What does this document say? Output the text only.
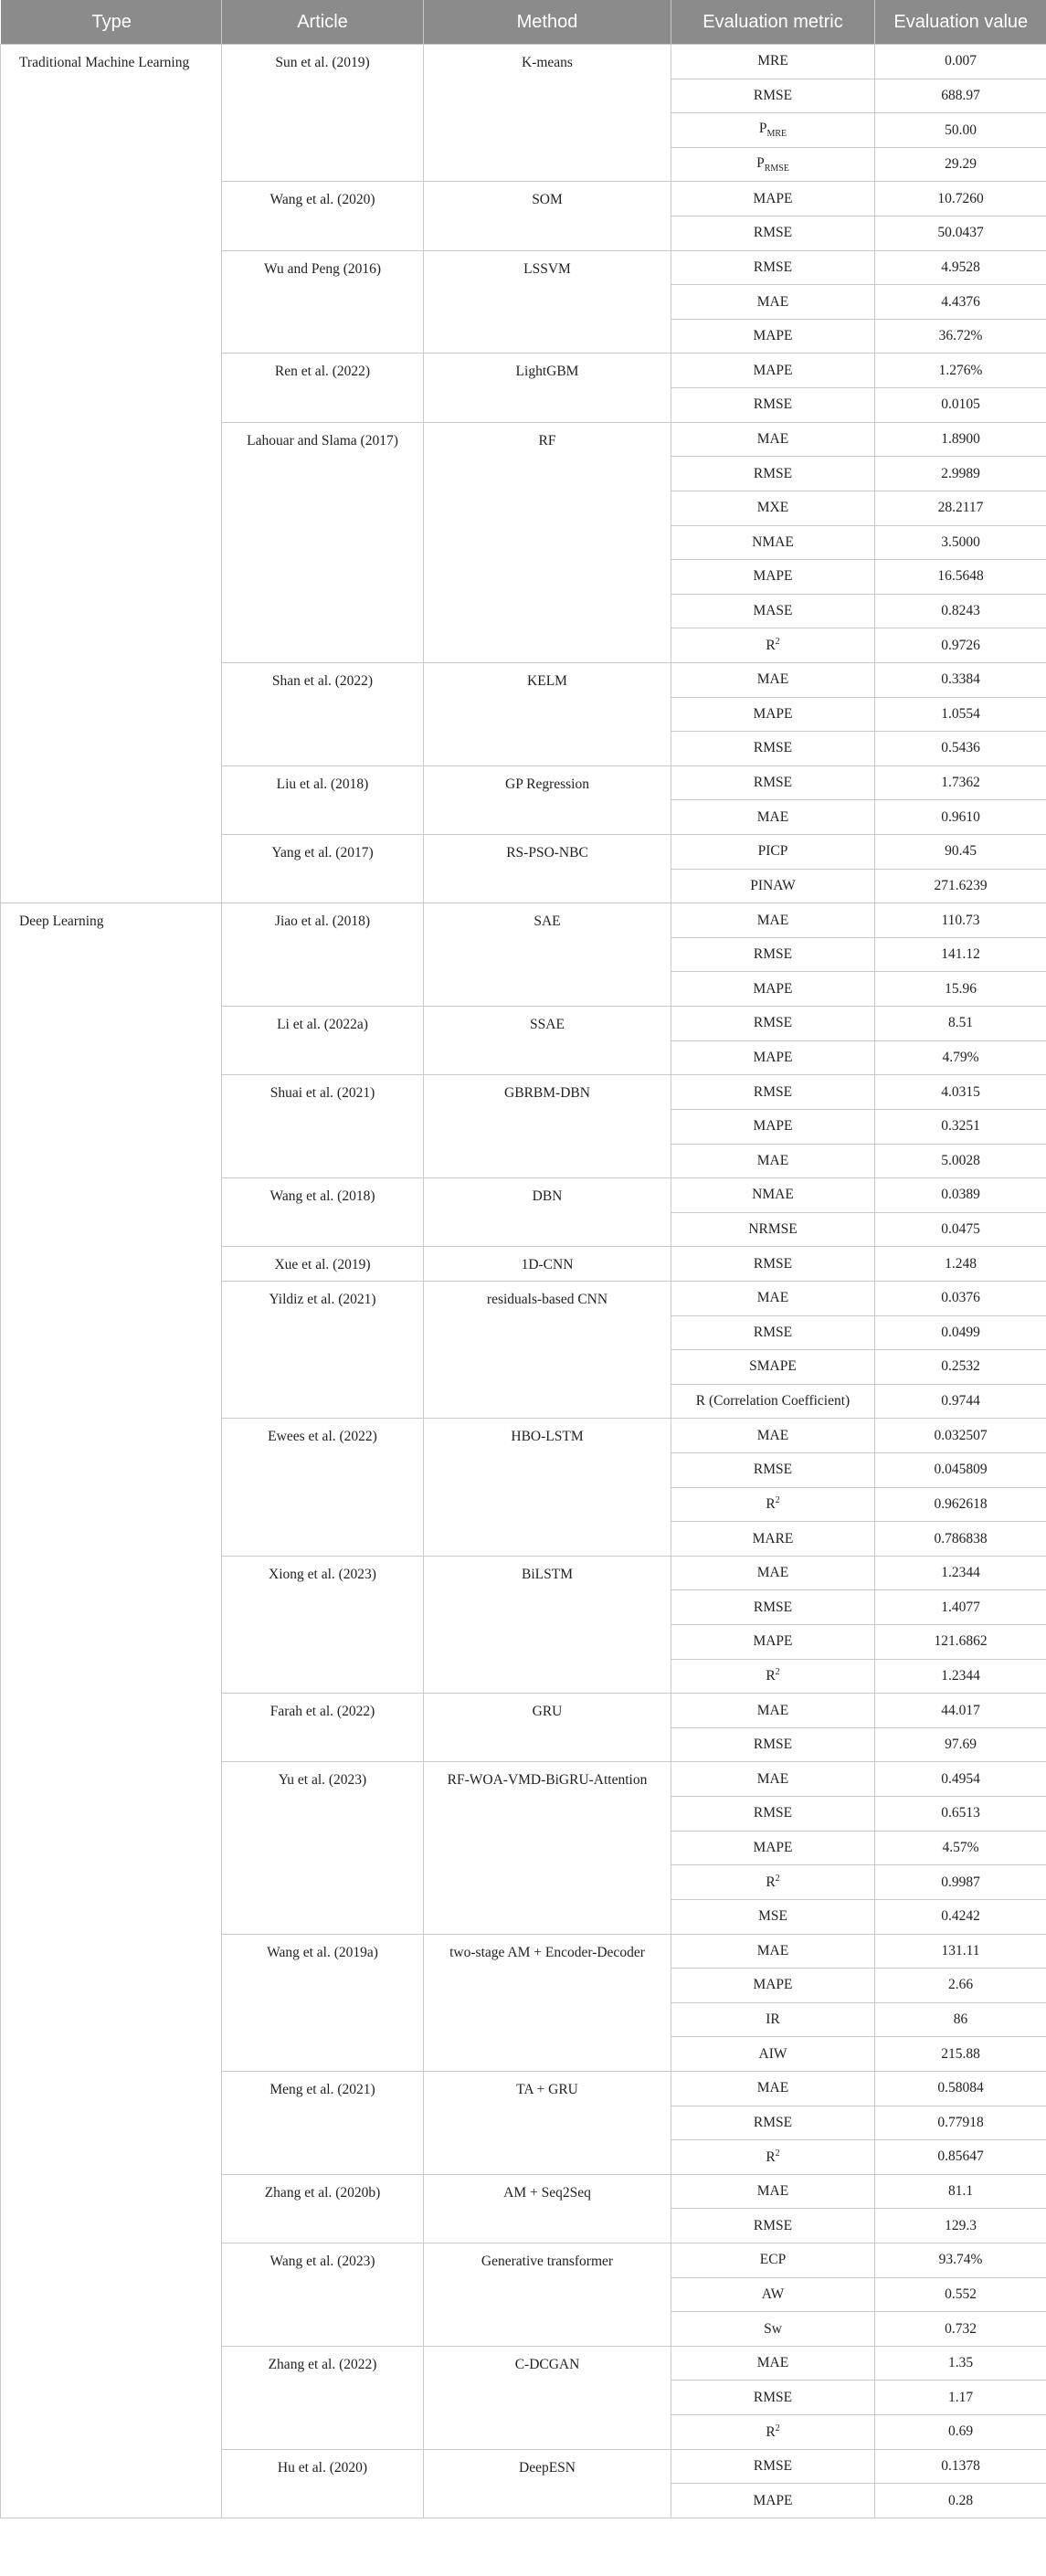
Type	Article	Method	Evaluation metric	Evaluation value
Traditional Machine Learning	Sun et al. (2019)	K-means	MRE	0.007
			RMSE	688.97
			$P_{MRE}$	50.00
			$P_{RMSE}$	29.29
	Wang et al. (2020)	SOM	MAPE	10.7260
			RMSE	50.0437
	Wu and Peng (2016)	LSSVM	RMSE	4.9528
			MAE	4.4376
			MAPE	36.72%
	Ren et al. (2022)	LightGBM	MAPE	1.276%
			RMSE	0.0105
	Lahouar and Slama (2017)	RF	MAE	1.8900
			RMSE	2.9989
			MXE	28.2117
			NMAE	3.5000
			MAPE	16.5648
			MASE	0.8243
			$R^2$	0.9726
	Shan et al. (2022)	KELM	MAE	0.3384
			MAPE	1.0554
			RMSE	0.5436
	Liu et al. (2018)	GP Regression	RMSE	1.7362
			MAE	0.9610
	Yang et al. (2017)	RS-PSO-NBC	PICP	90.45
			PINAW	271.6239
Deep Learning	Jiao et al. (2018)	SAE	MAE	110.73
			RMSE	141.12
			MAPE	15.96
	Li et al. (2022a)	SSAE	RMSE	8.51
			MAPE	4.79%
	Shuai et al. (2021)	GBRBM-DBN	RMSE	4.0315
			MAPE	0.3251
			MAE	5.0028
	Wang et al. (2018)	DBN	NMAE	0.0389
			NRMSE	0.0475
	Xue et al. (2019)	1D-CNN	RMSE	1.248
	Yildiz et al. (2021)	residuals-based CNN	MAE	0.0376
			RMSE	0.0499
			SMAPE	0.2532
			R (Correlation Coefficient)	0.9744
	Ewees et al. (2022)	HBO-LSTM	MAE	0.032507
			RMSE	0.045809
			$R^2$	0.962618
			MARE	0.786838
	Xiong et al. (2023)	BiLSTM	MAE	1.2344
			RMSE	1.4077
			MAPE	121.6862
			$R^2$	1.2344
	Farah et al. (2022)	GRU	MAE	44.017
			RMSE	97.69
	Yu et al. (2023)	RF-WOA-VMD-BiGRU-Attention	MAE	0.4954
			RMSE	0.6513
			MAPE	4.57%
			$R^2$	0.9987
			MSE	0.4242
	Wang et al. (2019a)	two-stage AM + Encoder-Decoder	MAE	131.11
			MAPE	2.66
			IR	86
			AIW	215.88
	Meng et al. (2021)	TA + GRU	MAE	0.58084
			RMSE	0.77918
			$R^2$	0.85647
	Zhang et al. (2020b)	AM + Seq2Seq	MAE	81.1
			RMSE	129.3
	Wang et al. (2023)	Generative transformer	ECP	93.74%
			AW	0.552
			Sw	0.732
	Zhang et al. (2022)	C-DCGAN	MAE	1.35
			RMSE	1.17
			$R^2$	0.69
	Hu et al. (2020)	DeepESN	RMSE	0.1378
			MAPE	0.28
